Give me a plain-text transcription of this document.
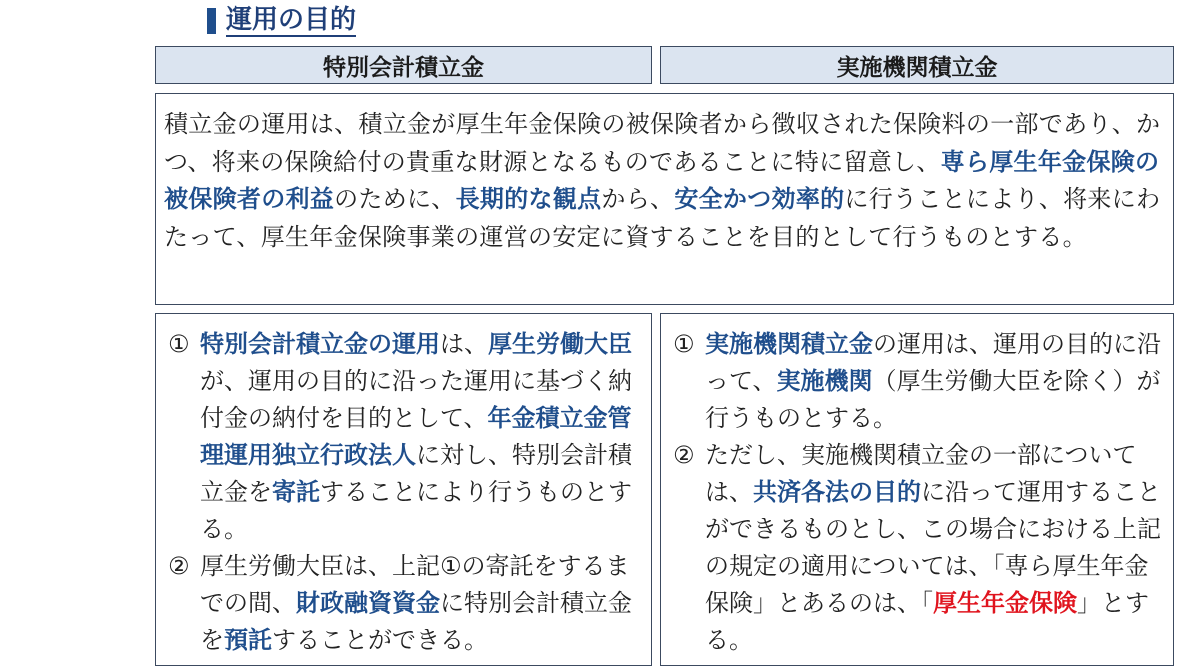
運用の目的
特別会計積立金	実施機関積立金
積立金の運用は、積立金が厚生年金保険の被保険者から徴収された保険料の一部であり、かつ、将来の保険給付の貴重な財源となるものであることに特に留意し、専ら厚生年金保険の被保険者の利益のために、長期的な観点から、安全かつ効率的に行うことにより、将来にわたって、厚生年金保険事業の運営の安定に資することを目的として行うものとする。
① 特別会計積立金の運用は、厚生労働大臣が、運用の目的に沿った運用に基づく納付金の納付を目的として、年金積立金管理運用独立行政法人に対し、特別会計積立金を寄託することにより行うものとする。
② 厚生労働大臣は、上記①の寄託をするまでの間、財政融資資金に特別会計積立金を預託することができる。
① 実施機関積立金の運用は、運用の目的に沿って、実施機関（厚生労働大臣を除く）が行うものとする。
② ただし、実施機関積立金の一部については、共済各法の目的に沿って運用することができるものとし、この場合における上記の規定の適用については、「専ら厚生年金保険」とあるのは、「厚生年金保険」とする。
